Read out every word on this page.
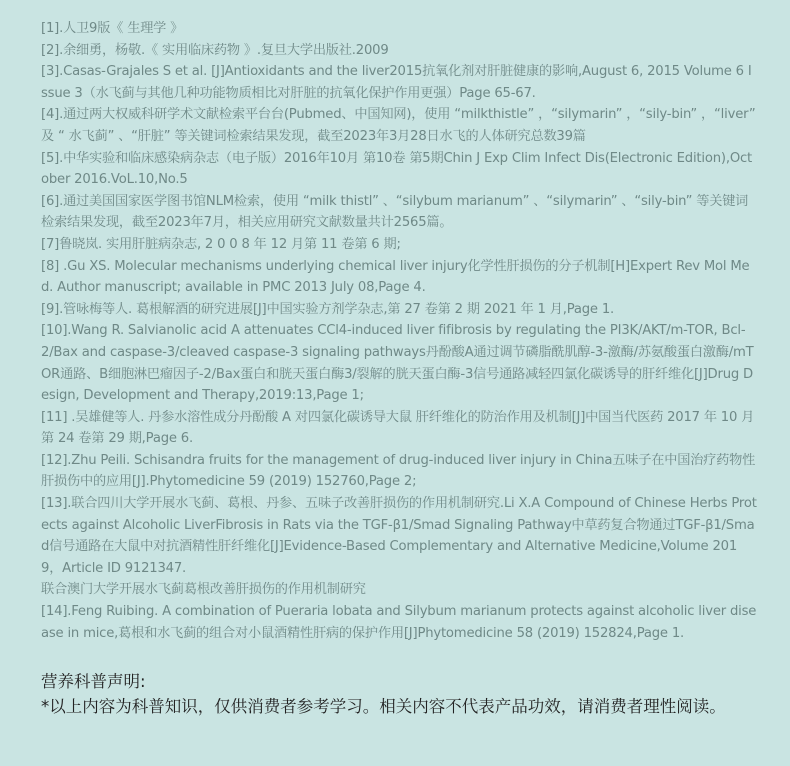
[1].人卫9版《 生理学 》
[2].余细勇，杨敬.《 实用临床药物 》.复旦大学出版社.2009
[3].Casas-Grajales S et al. [J]Antioxidants and the liver2015抗氧化剂对肝脏健康的影响,August 6, 2015 Volume 6 Issue 3（水飞蓟与其他几种功能物质相比对肝脏的抗氧化保护作用更强）Page 65-67.
[4].通过两大权威科研学术文献检索平台台(Pubmed、中国知网)，使用 “milkthistle” ，“silymarin” ，“sily-bin” ，“liver” 及 “ 水飞蓟” 、“肝脏” 等关键词检索结果发现，截至2023年3月28日水飞的人体研究总数39篇
[5].中华实验和临床感染病杂志（电子版）2016年10月 第10卷 第5期Chin J Exp Clim Infect Dis(Electronic Edition),October 2016.VoL.10,No.5
[6].通过美国国家医学图书馆NLM检索，使用 “milk thistl” 、“silybum marianum” 、“silymarin” 、“sily-bin” 等关键词检索结果发现，截至2023年7月，相关应用研究文献数量共计2565篇。
[7]鲁晓岚. 实用肝脏病杂志, 2 0 0 8 年 12 月第 11 卷第 6 期;
[8] .Gu XS. Molecular mechanisms underlying chemical liver injury化学性肝损伤的分子机制[H]Expert Rev Mol Med. Author manuscript; available in PMC 2013 July 08,Page 4.
[9].管咏梅等人. 葛根解酒的研究进展[J]中国实验方剂学杂志,第 27 卷第 2 期 2021 年 1 月,Page 1.
[10].Wang R. Salvianolic acid A attenuates CCl4-induced liver fifibrosis by regulating the PI3K/AKT/m-TOR, Bcl-2/Bax and caspase-3/cleaved caspase-3 signaling pathways丹酚酸A通过调节磷脂酰肌醇-3-激酶/苏氨酸蛋白激酶/mTOR通路、B细胞淋巴瘤因子-2/Bax蛋白和胱天蛋白酶3/裂解的胱天蛋白酶-3信号通路减轻四氯化碳诱导的肝纤维化[J]Drug Design, Development and Therapy,2019:13,Page 1;
[11] .吴雄健等人. 丹参水溶性成分丹酚酸 A 对四氯化碳诱导大鼠 肝纤维化的防治作用及机制[J]中国当代医药 2017 年 10 月第 24 卷第 29 期,Page 6.
[12].Zhu Peili. Schisandra fruits for the management of drug-induced liver injury in China五味子在中国治疗药物性肝损伤中的应用[J].Phytomedicine 59 (2019) 152760,Page 2;
[13].联合四川大学开展水飞蓟、葛根、丹参、五味子改善肝损伤的作用机制研究.Li X.A Compound of Chinese Herbs Protects against Alcoholic LiverFibrosis in Rats via the TGF-β1/Smad Signaling Pathway中草药复合物通过TGF-β1/Smad信号通路在大鼠中对抗酒精性肝纤维化[J]Evidence-Based Complementary and Alternative Medicine,Volume 2019，Article ID 9121347.
联合澳门大学开展水飞蓟葛根改善肝损伤的作用机制研究
[14].Feng Ruibing. A combination of Pueraria lobata and Silybum marianum protects against alcoholic liver disease in mice,葛根和水飞蓟的组合对小鼠酒精性肝病的保护作用[J]Phytomedicine 58 (2019) 152824,Page 1.

营养科普声明:

*以上内容为科普知识，仅供消费者参考学习。相关内容不代表产品功效，请消费者理性阅读。
